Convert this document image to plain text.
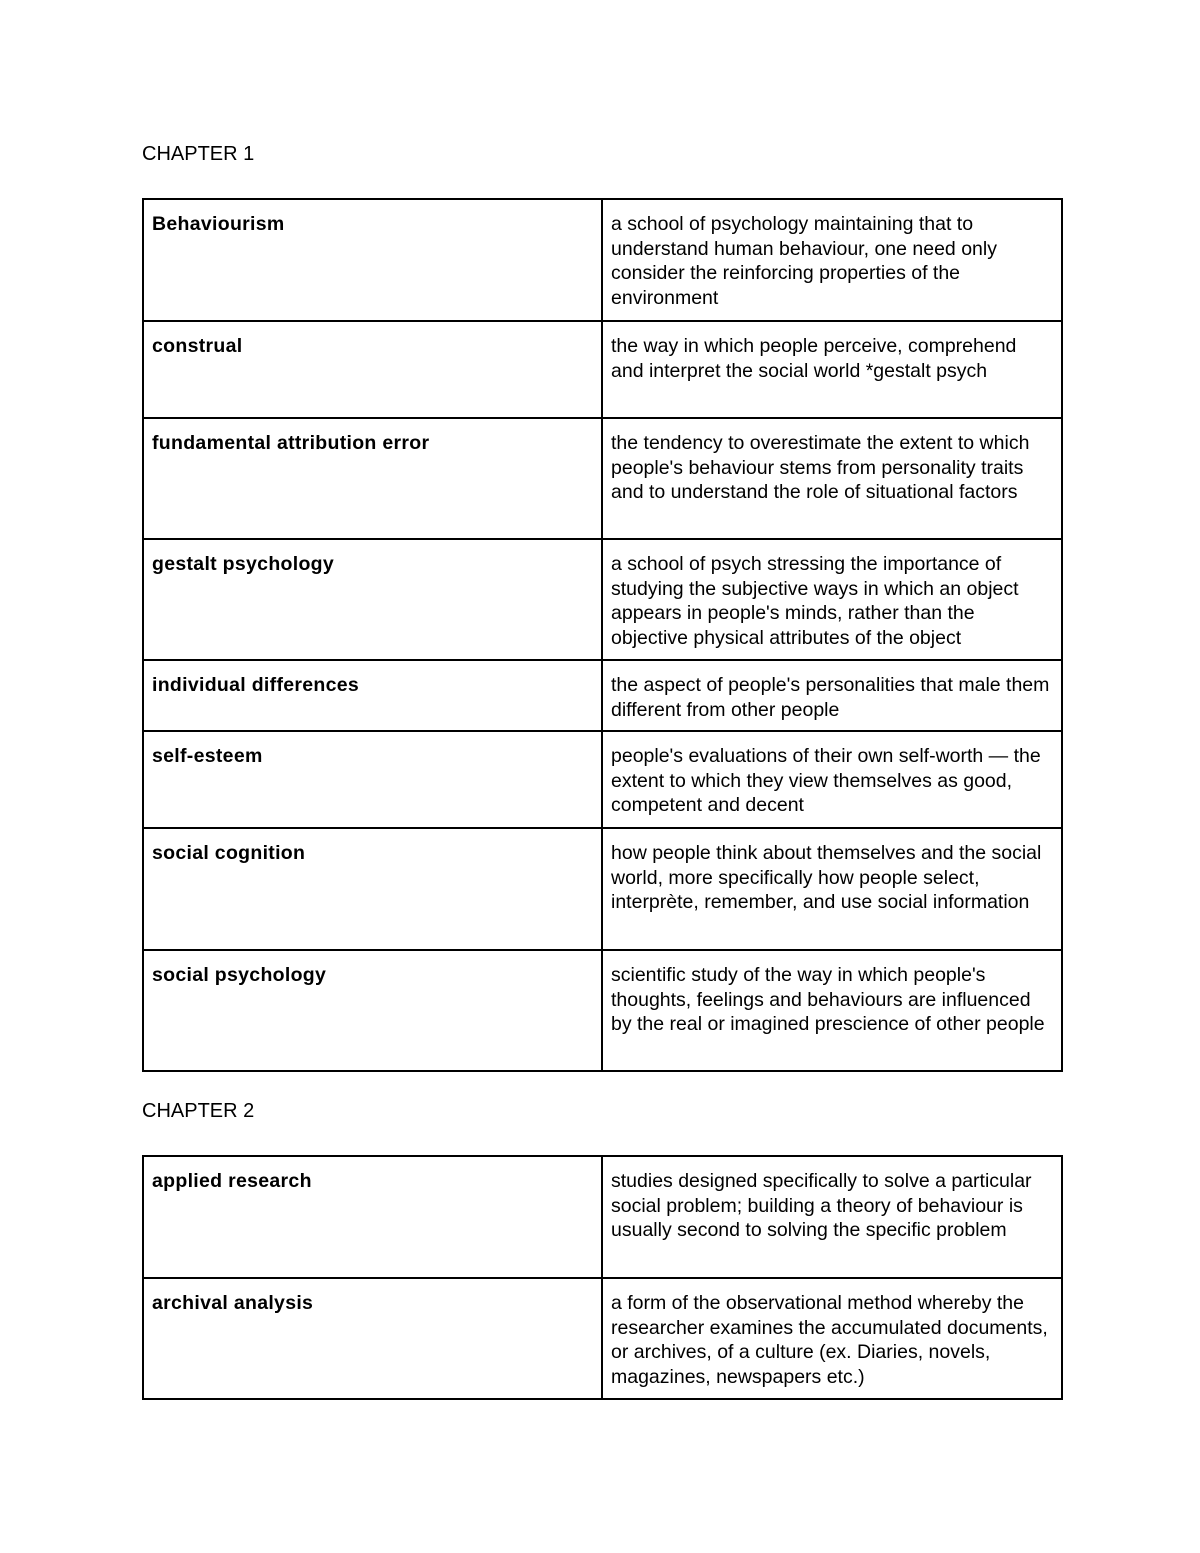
CHAPTER 1
Behaviourism	a school of psychology maintaining that to understand human behaviour, one need only consider the reinforcing properties of the environment
construal	the way in which people perceive, comprehend and interpret the social world *gestalt psych
fundamental attribution error	the tendency to overestimate the extent to which people's behaviour stems from personality traits and to understand the role of situational factors
gestalt psychology	a school of psych stressing the importance of studying the subjective ways in which an object appears in people's minds, rather than the objective physical attributes of the object
individual differences	the aspect of people's personalities that male them different from other people
self-esteem	people's evaluations of their own self-worth — the extent to which they view themselves as good, competent and decent
social cognition	how people think about themselves and the social world, more specifically how people select, interprète, remember, and use social information
social psychology	scientific study of the way in which people's thoughts, feelings and behaviours are influenced by the real or imagined prescience of other people
CHAPTER 2
applied research	studies designed specifically to solve a particular social problem; building a theory of behaviour is usually second to solving the specific problem
archival analysis	a form of the observational method whereby the researcher examines the accumulated documents, or archives, of a culture (ex. Diaries, novels, magazines, newspapers etc.)
